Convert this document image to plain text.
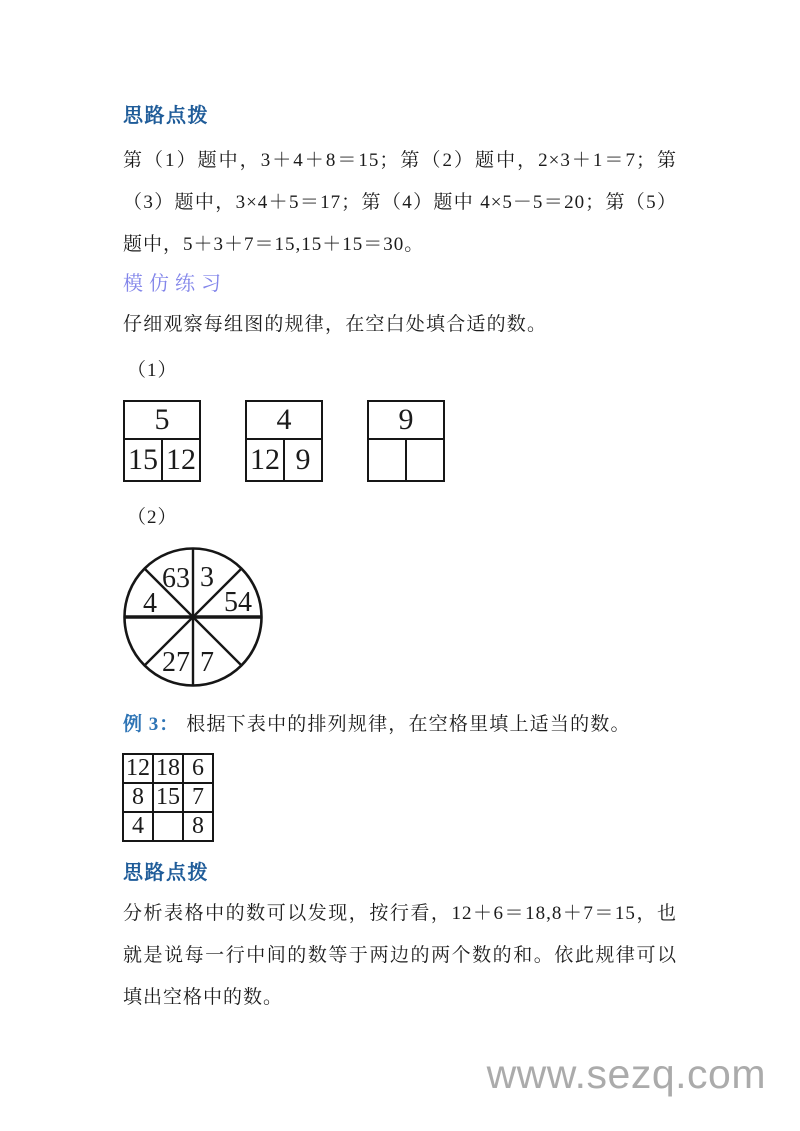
思路点拨
第（1）题中，3＋4＋8＝15；第（2）题中，2×3＋1＝7；第
（3）题中，3×4＋5＝17；第（4）题中 4×5－5＝20；第（5）
题中，5＋3＋7＝15,15＋15＝30。
模仿练习
仔细观察每组图的规律，在空白处填合适的数。
（1）
5
15 12
4
12 9
9
（2）
63 3
4 54
27 7
例 3： 根据下表中的排列规律，在空格里填上适当的数。
12	18	6
8	15	7
4		8
思路点拨
分析表格中的数可以发现，按行看，12＋6＝18,8＋7＝15，也
就是说每一行中间的数等于两边的两个数的和。依此规律可以
填出空格中的数。
www.sezq.com
